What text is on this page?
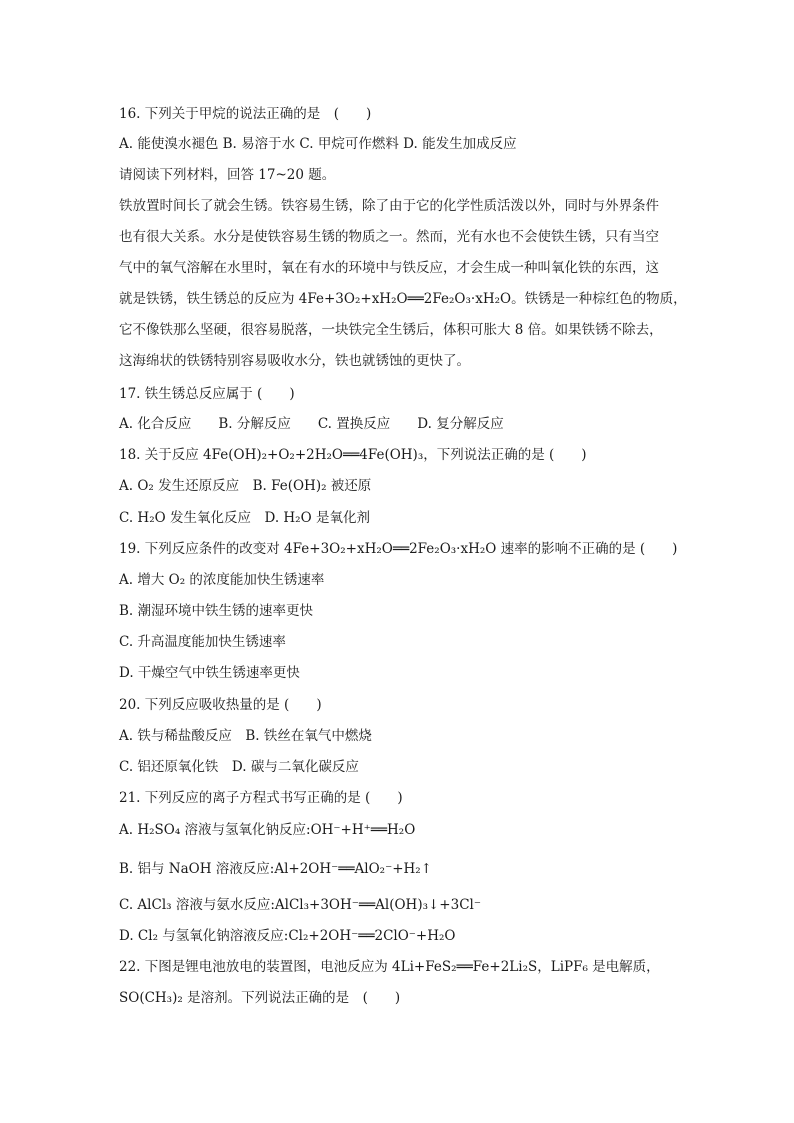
16. 下列关于甲烷的说法正确的是　(　　)
A. 能使溴水褪色 B. 易溶于水 C. 甲烷可作燃料 D. 能发生加成反应
请阅读下列材料，回答 17~20 题。
铁放置时间长了就会生锈。铁容易生锈，除了由于它的化学性质活泼以外，同时与外界条件
也有很大关系。水分是使铁容易生锈的物质之一。然而，光有水也不会使铁生锈，只有当空
气中的氧气溶解在水里时，氧在有水的环境中与铁反应，才会生成一种叫氧化铁的东西，这
就是铁锈，铁生锈总的反应为 4Fe+3O₂+xH₂O══2Fe₂O₃·xH₂O。铁锈是一种棕红色的物质，
它不像铁那么坚硬，很容易脱落，一块铁完全生锈后，体积可胀大 8 倍。如果铁锈不除去，
这海绵状的铁锈特别容易吸收水分，铁也就锈蚀的更快了。
17. 铁生锈总反应属于 (　　)
A. 化合反应　　B. 分解反应　　C. 置换反应　　D. 复分解反应
18. 关于反应 4Fe(OH)₂+O₂+2H₂O══4Fe(OH)₃，下列说法正确的是 (　　)
A. O₂ 发生还原反应　B. Fe(OH)₂ 被还原
C. H₂O 发生氧化反应　D. H₂O 是氧化剂
19. 下列反应条件的改变对 4Fe+3O₂+xH₂O══2Fe₂O₃·xH₂O 速率的影响不正确的是 (　　)
A. 增大 O₂ 的浓度能加快生锈速率
B. 潮湿环境中铁生锈的速率更快
C. 升高温度能加快生锈速率
D. 干燥空气中铁生锈速率更快
20. 下列反应吸收热量的是 (　　)
A. 铁与稀盐酸反应　B. 铁丝在氧气中燃烧
C. 铝还原氧化铁　D. 碳与二氧化碳反应
21. 下列反应的离子方程式书写正确的是 (　　)
A. H₂SO₄ 溶液与氢氧化钠反应:OH⁻+H⁺══H₂O
B. 铝与 NaOH 溶液反应:Al+2OH⁻══AlO₂⁻+H₂↑
C. AlCl₃ 溶液与氨水反应:AlCl₃+3OH⁻══Al(OH)₃↓+3Cl⁻
D. Cl₂ 与氢氧化钠溶液反应:Cl₂+2OH⁻══2ClO⁻+H₂O
22. 下图是锂电池放电的装置图，电池反应为 4Li+FeS₂══Fe+2Li₂S，LiPF₆ 是电解质，
SO(CH₃)₂ 是溶剂。下列说法正确的是　(　　)
